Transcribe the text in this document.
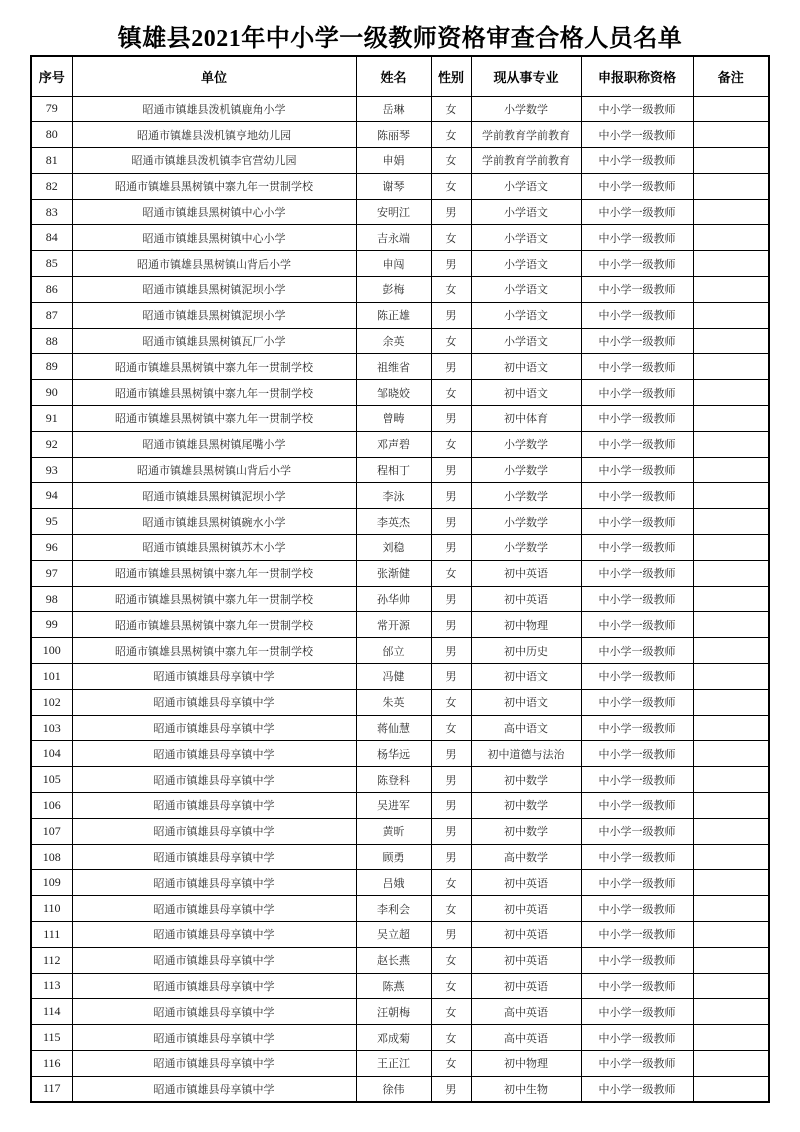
镇雄县2021年中小学一级教师资格审查合格人员名单
序号	单位	姓名	性别	现从事专业	申报职称资格	备注
79	昭通市镇雄县泼机镇鹿角小学	岳琳	女	小学数学	中小学一级教师	
80	昭通市镇雄县泼机镇亨地幼儿园	陈丽琴	女	学前教育学前教育	中小学一级教师	
81	昭通市镇雄县泼机镇李官营幼儿园	申娟	女	学前教育学前教育	中小学一级教师	
82	昭通市镇雄县黑树镇中寨九年一贯制学校	谢琴	女	小学语文	中小学一级教师	
83	昭通市镇雄县黑树镇中心小学	安明江	男	小学语文	中小学一级教师	
84	昭通市镇雄县黑树镇中心小学	吉永端	女	小学语文	中小学一级教师	
85	昭通市镇雄县黑树镇山背后小学	申闯	男	小学语文	中小学一级教师	
86	昭通市镇雄县黑树镇泥坝小学	彭梅	女	小学语文	中小学一级教师	
87	昭通市镇雄县黑树镇泥坝小学	陈正雄	男	小学语文	中小学一级教师	
88	昭通市镇雄县黑树镇瓦厂小学	余英	女	小学语文	中小学一级教师	
89	昭通市镇雄县黑树镇中寨九年一贯制学校	祖维省	男	初中语文	中小学一级教师	
90	昭通市镇雄县黑树镇中寨九年一贯制学校	邹晓姣	女	初中语文	中小学一级教师	
91	昭通市镇雄县黑树镇中寨九年一贯制学校	曾畴	男	初中体育	中小学一级教师	
92	昭通市镇雄县黑树镇尾嘴小学	邓声碧	女	小学数学	中小学一级教师	
93	昭通市镇雄县黑树镇山背后小学	程相丁	男	小学数学	中小学一级教师	
94	昭通市镇雄县黑树镇泥坝小学	李泳	男	小学数学	中小学一级教师	
95	昭通市镇雄县黑树镇碗水小学	李英杰	男	小学数学	中小学一级教师	
96	昭通市镇雄县黑树镇苏木小学	刘稳	男	小学数学	中小学一级教师	
97	昭通市镇雄县黑树镇中寨九年一贯制学校	张渐健	女	初中英语	中小学一级教师	
98	昭通市镇雄县黑树镇中寨九年一贯制学校	孙华帅	男	初中英语	中小学一级教师	
99	昭通市镇雄县黑树镇中寨九年一贯制学校	常开源	男	初中物理	中小学一级教师	
100	昭通市镇雄县黑树镇中寨九年一贯制学校	邰立	男	初中历史	中小学一级教师	
101	昭通市镇雄县母享镇中学	冯健	男	初中语文	中小学一级教师	
102	昭通市镇雄县母享镇中学	朱英	女	初中语文	中小学一级教师	
103	昭通市镇雄县母享镇中学	蒋仙慧	女	高中语文	中小学一级教师	
104	昭通市镇雄县母享镇中学	杨华远	男	初中道德与法治	中小学一级教师	
105	昭通市镇雄县母享镇中学	陈登科	男	初中数学	中小学一级教师	
106	昭通市镇雄县母享镇中学	吴进军	男	初中数学	中小学一级教师	
107	昭通市镇雄县母享镇中学	黄昕	男	初中数学	中小学一级教师	
108	昭通市镇雄县母享镇中学	顾勇	男	高中数学	中小学一级教师	
109	昭通市镇雄县母享镇中学	吕娥	女	初中英语	中小学一级教师	
110	昭通市镇雄县母享镇中学	李利会	女	初中英语	中小学一级教师	
111	昭通市镇雄县母享镇中学	吴立超	男	初中英语	中小学一级教师	
112	昭通市镇雄县母享镇中学	赵长燕	女	初中英语	中小学一级教师	
113	昭通市镇雄县母享镇中学	陈燕	女	初中英语	中小学一级教师	
114	昭通市镇雄县母享镇中学	汪朝梅	女	高中英语	中小学一级教师	
115	昭通市镇雄县母享镇中学	邓成菊	女	高中英语	中小学一级教师	
116	昭通市镇雄县母享镇中学	王正江	女	初中物理	中小学一级教师	
117	昭通市镇雄县母享镇中学	徐伟	男	初中生物	中小学一级教师	
